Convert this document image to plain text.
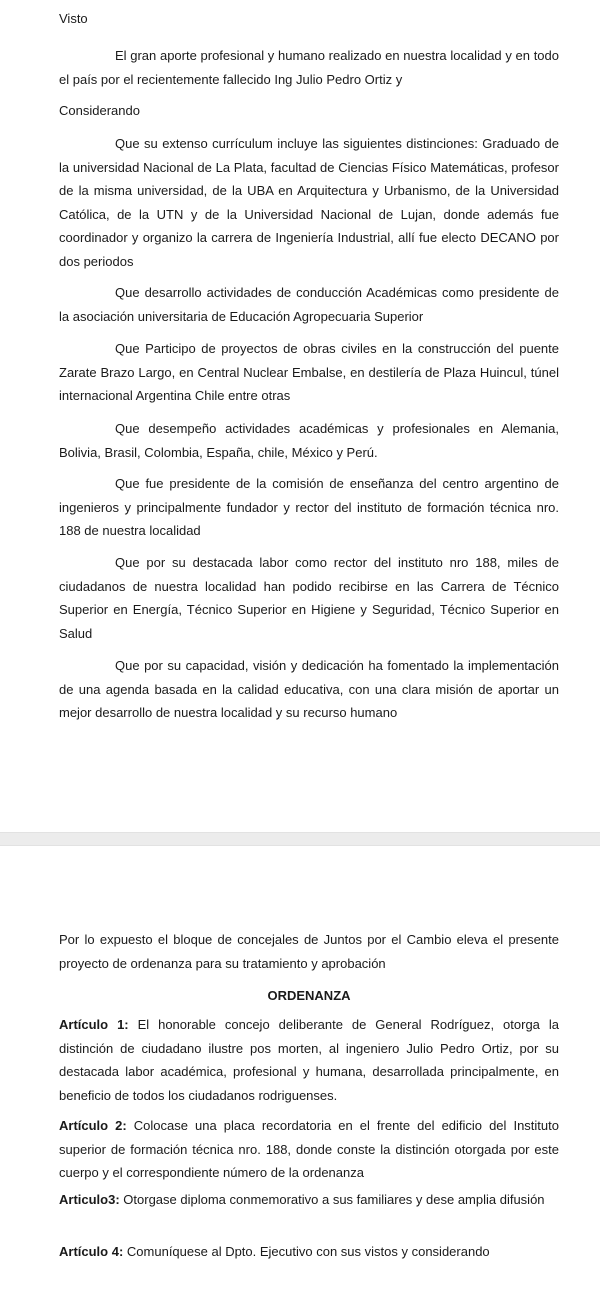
Visto

El gran aporte profesional y humano realizado en nuestra localidad y en todo el país por el recientemente fallecido Ing Julio Pedro Ortiz y

Considerando

Que su extenso currículum incluye las siguientes distinciones: Graduado de la universidad Nacional de La Plata, facultad de Ciencias Físico Matemáticas, profesor de la misma universidad, de la UBA en Arquitectura y Urbanismo, de la Universidad Católica, de la UTN y de la Universidad Nacional de Lujan, donde además fue coordinador y organizo la carrera de Ingeniería Industrial, allí fue electo DECANO por dos periodos

Que desarrollo actividades de conducción Académicas como presidente de la asociación universitaria de Educación Agropecuaria Superior

Que Participo de proyectos de obras civiles en la construcción del puente Zarate Brazo Largo, en Central Nuclear Embalse, en destilería de Plaza Huincul, túnel internacional Argentina Chile entre otras

Que desempeño actividades académicas y profesionales en Alemania, Bolivia, Brasil, Colombia, España, chile, México y Perú.

Que fue presidente de la comisión de enseñanza del centro argentino de ingenieros y principalmente fundador y rector del instituto de formación técnica nro. 188 de nuestra localidad

Que por su destacada labor como rector del instituto nro 188, miles de ciudadanos de nuestra localidad han podido recibirse en las Carrera de Técnico Superior en Energía, Técnico Superior en Higiene y Seguridad, Técnico Superior en Salud

Que por su capacidad, visión y dedicación ha fomentado la implementación de una agenda basada en la calidad educativa, con una clara misión de aportar un mejor desarrollo de nuestra localidad y su recurso humano

Por lo expuesto el bloque de concejales de Juntos por el Cambio eleva el presente proyecto de ordenanza para su tratamiento y aprobación

ORDENANZA

Artículo 1: El honorable concejo deliberante de General Rodríguez, otorga la distinción de ciudadano ilustre pos morten, al ingeniero Julio Pedro Ortiz, por su destacada labor académica, profesional y humana, desarrollada principalmente, en beneficio de todos los ciudadanos rodriguenses.

Artículo 2: Colocase una placa recordatoria en el frente del edificio del Instituto superior de formación técnica nro. 188, donde conste la distinción otorgada por este cuerpo y el correspondiente número de la ordenanza

Articulo3: Otorgase diploma conmemorativo a sus familiares y dese amplia difusión

Artículo 4: Comuníquese al Dpto. Ejecutivo con sus vistos y considerando
